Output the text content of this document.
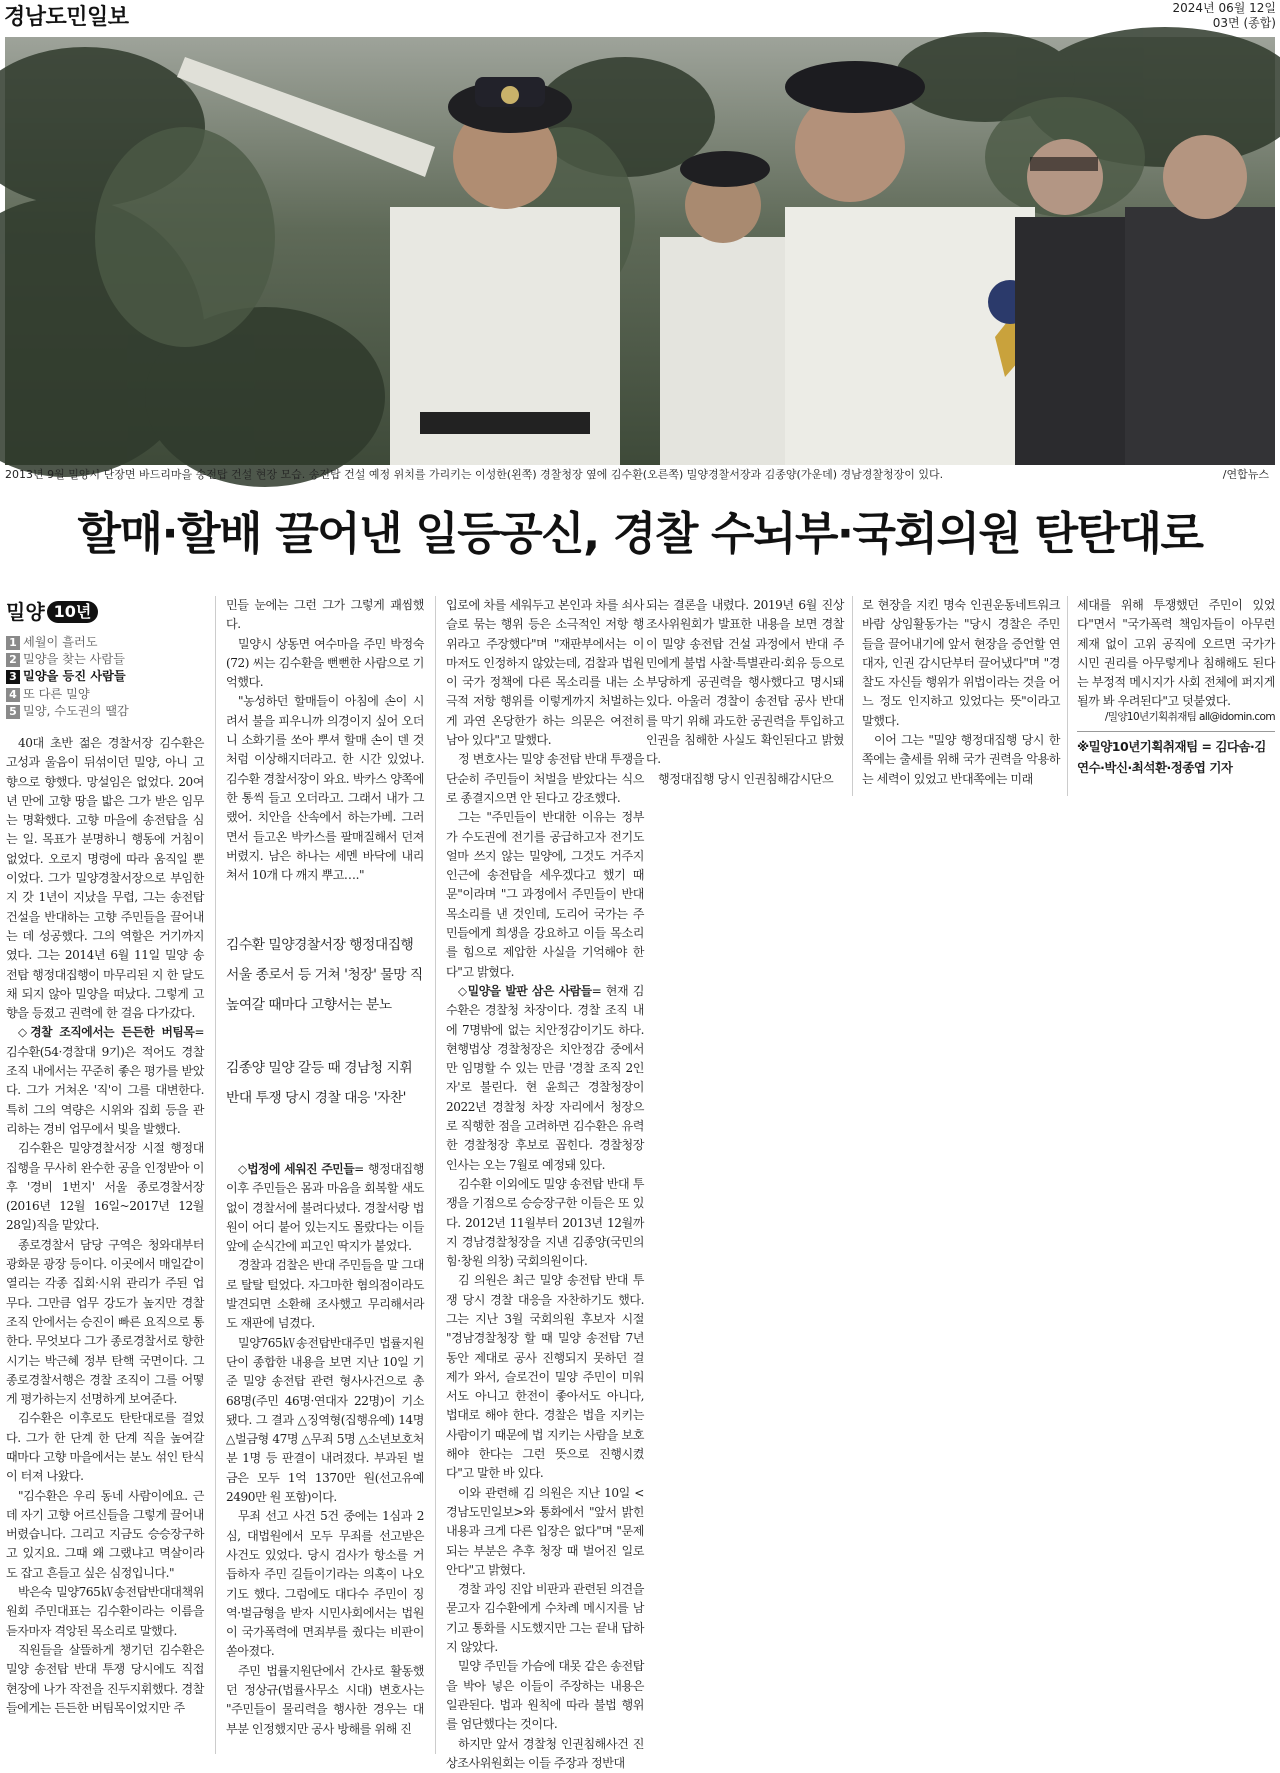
경남도민일보	2024년 06월 12일
03면 (종합)
2013년 9월 밀양시 단장면 바드리마을 송전탑 건설 현장 모습. 송전탑 건설 예정 위치를 가리키는 이성한(왼쪽) 경찰청장 옆에 김수환(오른쪽) 밀양경찰서장과 김종양(가운데) 경남경찰청장이 있다.	/연합뉴스
할매·할배 끌어낸 일등공신, 경찰 수뇌부·국회의원 탄탄대로
밀양 10년
1 세월이 흘러도
2 밀양을 찾는 사람들
3 밀양을 등진 사람들
4 또 다른 밀양
5 밀양, 수도권의 땔감

40대 초반 젊은 경찰서장 김수환은 고성과 울음이 뒤섞이던 밀양, 아니 고향으로 향했다. 망설임은 없었다. 20여 년 만에 고향 땅을 밟은 그가 받은 임무는 명확했다. 고향 마을에 송전탑을 심는 일. 목표가 분명하니 행동에 거침이 없었다. 오로지 명령에 따라 움직일 뿐이었다. 그가 밀양경찰서장으로 부임한 지 갓 1년이 지났을 무렵, 그는 송전탑 건설을 반대하는 고향 주민들을 끌어내는 데 성공했다. 그의 역할은 거기까지였다. 그는 2014년 6월 11일 밀양 송전탑 행정대집행이 마무리된 지 한 달도 채 되지 않아 밀양을 떠났다. 그렇게 고향을 등졌고 권력에 한 걸음 다가갔다.

◇경찰 조직에서는 든든한 버팀목= 김수환(54·경찰대 9기)은 적어도 경찰 조직 내에서는 꾸준히 좋은 평가를 받았다. 그가 거쳐온 '직'이 그를 대변한다. 특히 그의 역량은 시위와 집회 등을 관리하는 경비 업무에서 빛을 발했다.

김수환은 밀양경찰서장 시절 행정대집행을 무사히 완수한 공을 인정받아 이후 '경비 1번지' 서울 종로경찰서장(2016년 12월 16일~2017년 12월 28일)직을 맡았다.

종로경찰서 담당 구역은 청와대부터 광화문 광장 등이다. 이곳에서 매일같이 열리는 각종 집회·시위 관리가 주된 업무다. 그만큼 업무 강도가 높지만 경찰 조직 안에서는 승진이 빠른 요직으로 통한다. 무엇보다 그가 종로경찰서로 향한 시기는 박근혜 정부 탄핵 국면이다. 그 종로경찰서행은 경찰 조직이 그를 어떻게 평가하는지 선명하게 보여준다.

김수환은 이후로도 탄탄대로를 걸었다. 그가 한 단계 한 단계 직을 높여갈 때마다 고향 마을에서는 분노 섞인 탄식이 터져 나왔다.

"김수환은 우리 동네 사람이에요. 근데 자기 고향 어르신들을 그렇게 끌어내버렸습니다. 그리고 지금도 승승장구하고 있지요. 그때 왜 그랬냐고 멱살이라도 잡고 흔들고 싶은 심정입니다."

박은숙 밀양765㎸송전탑반대대책위원회 주민대표는 김수환이라는 이름을 듣자마자 격앙된 목소리로 말했다.

직원들을 살뜰하게 챙기던 김수환은 밀양 송전탑 반대 투쟁 당시에도 직접 현장에 나가 작전을 진두지휘했다. 경찰들에게는 든든한 버팀목이었지만 주

민들 눈에는 그런 그가 그렇게 괘씸했다.

밀양시 상동면 여수마을 주민 박정숙(72) 씨는 김수환을 뻔뻔한 사람으로 기억했다.

"농성하던 할매들이 아침에 손이 시려서 불을 피우니까 의경이지 싶어 오더니 소화기를 쏘아 뿌셔 할매 손이 덴 것처럼 이상해지더라고. 한 시간 있었나. 김수환 경찰서장이 와요. 박카스 양쪽에 한 통씩 들고 오더라고. 그래서 내가 그랬어. 치안을 산속에서 하는가베. 그러면서 들고온 박카스를 팔매질해서 던져버렸지. 남은 하나는 세멘 바닥에 내리쳐서 10개 다 깨지 뿌고…."

김수환 밀양경찰서장 행정대집행 서울 종로서 등 거쳐 '청장' 물망 직 높여갈 때마다 고향서는 분노
김종양 밀양 갈등 때 경남청 지휘 반대 투쟁 당시 경찰 대응 '자찬'

◇법정에 세워진 주민들= 행정대집행 이후 주민들은 몸과 마음을 회복할 새도 없이 경찰서에 불려다녔다. 경찰서랑 법원이 어디 붙어 있는지도 몰랐다는 이들 앞에 순식간에 피고인 딱지가 붙었다.

경찰과 검찰은 반대 주민들을 말 그대로 탈탈 털었다. 자그마한 혐의점이라도 발견되면 소환해 조사했고 무리해서라도 재판에 넘겼다.

밀양765㎸송전탑반대주민 법률지원단이 종합한 내용을 보면 지난 10일 기준 밀양 송전탑 관련 형사사건으로 총 68명(주민 46명·연대자 22명)이 기소됐다. 그 결과 △징역형(집행유예) 14명 △벌금형 47명 △무죄 5명 △소년보호처분 1명 등 판결이 내려졌다. 부과된 벌금은 모두 1억 1370만 원(선고유예 2490만 원 포함)이다.

무죄 선고 사건 5건 중에는 1심과 2심, 대법원에서 모두 무죄를 선고받은 사건도 있었다. 당시 검사가 항소를 거듭하자 주민 길들이기라는 의혹이 나오기도 했다. 그럼에도 대다수 주민이 징역·벌금형을 받자 시민사회에서는 법원이 국가폭력에 면죄부를 줬다는 비판이 쏟아졌다.

주민 법률지원단에서 간사로 활동했던 정상규(법률사무소 시대) 변호사는 "주민들이 물리력을 행사한 경우는 대부분 인정했지만 공사 방해를 위해 진

입로에 차를 세워두고 본인과 차를 쇠사슬로 묶는 행위 등은 소극적인 저항 행위라고 주장했다"며 "재판부에서는 이마저도 인정하지 않았는데, 검찰과 법원이 국가 정책에 다른 목소리를 내는 소극적 저항 행위를 이렇게까지 처벌하는 게 과연 온당한가 하는 의문은 여전히 남아 있다"고 말했다.

정 변호사는 밀양 송전탑 반대 투쟁을 단순히 주민들이 처벌을 받았다는 식으로 종결지으면 안 된다고 강조했다.

그는 "주민들이 반대한 이유는 정부가 수도권에 전기를 공급하고자 전기도 얼마 쓰지 않는 밀양에, 그것도 거주지 인근에 송전탑을 세우겠다고 했기 때문"이라며 "그 과정에서 주민들이 반대 목소리를 낸 것인데, 도리어 국가는 주민들에게 희생을 강요하고 이들 목소리를 힘으로 제압한 사실을 기억해야 한다"고 밝혔다.

◇밀양을 발판 삼은 사람들= 현재 김수환은 경찰청 차장이다. 경찰 조직 내에 7명밖에 없는 치안정감이기도 하다. 현행법상 경찰청장은 치안정감 중에서만 임명할 수 있는 만큼 '경찰 조직 2인자'로 불린다. 현 윤희근 경찰청장이 2022년 경찰청 차장 자리에서 청장으로 직행한 점을 고려하면 김수환은 유력한 경찰청장 후보로 꼽힌다. 경찰청장 인사는 오는 7월로 예정돼 있다.

김수환 이외에도 밀양 송전탑 반대 투쟁을 기점으로 승승장구한 이들은 또 있다. 2012년 11월부터 2013년 12월까지 경남경찰청장을 지낸 김종양(국민의힘·창원 의창) 국회의원이다.

김 의원은 최근 밀양 송전탑 반대 투쟁 당시 경찰 대응을 자찬하기도 했다. 그는 지난 3월 국회의원 후보자 시절 "경남경찰청장 할 때 밀양 송전탑 7년 동안 제대로 공사 진행되지 못하던 걸 제가 와서, 슬로건이 밀양 주민이 미워서도 아니고 한전이 좋아서도 아니다, 법대로 해야 한다. 경찰은 법을 지키는 사람이기 때문에 법 지키는 사람을 보호해야 한다는 그런 뜻으로 진행시켰다"고 말한 바 있다.

이와 관련해 김 의원은 지난 10일 <경남도민일보>와 통화에서 "앞서 밝힌 내용과 크게 다른 입장은 없다"며 "문제 되는 부분은 추후 청장 때 벌어진 일로 안다"고 밝혔다.

경찰 과잉 진압 비판과 관련된 의견을 묻고자 김수환에게 수차례 메시지를 남기고 통화를 시도했지만 그는 끝내 답하지 않았다.

밀양 주민들 가슴에 대못 같은 송전탑을 박아 넣은 이들이 주장하는 내용은 일관된다. 법과 원칙에 따라 불법 행위를 엄단했다는 것이다.

하지만 앞서 경찰청 인권침해사건 진상조사위원회는 이들 주장과 정반대

되는 결론을 내렸다. 2019년 6월 진상조사위원회가 발표한 내용을 보면 경찰이 밀양 송전탑 건설 과정에서 반대 주민에게 불법 사찰·특별관리·회유 등으로 부당하게 공권력을 행사했다고 명시돼 있다. 아울러 경찰이 송전탑 공사 반대를 막기 위해 과도한 공권력을 투입하고 인권을 침해한 사실도 확인된다고 밝혔다.

행정대집행 당시 인권침해감시단으

로 현장을 지킨 명숙 인권운동네트워크 바람 상임활동가는 "당시 경찰은 주민들을 끌어내기에 앞서 현장을 증언할 연대자, 인권 감시단부터 끌어냈다"며 "경찰도 자신들 행위가 위법이라는 것을 어느 정도 인지하고 있었다는 뜻"이라고 말했다.

이어 그는 "밀양 행정대집행 당시 한쪽에는 출세를 위해 국가 권력을 악용하는 세력이 있었고 반대쪽에는 미래

세대를 위해 투쟁했던 주민이 있었다"면서 "국가폭력 책임자들이 아무런 제재 없이 고위 공직에 오르면 국가가 시민 권리를 아무렇게나 침해해도 된다는 부정적 메시지가 사회 전체에 퍼지게 될까 봐 우려된다"고 덧붙였다.

/밀양10년기획취재팀 all@idomin.com
※밀양10년기획취재팀 = 김다솜·김연수·박신·최석환·정종엽 기자
